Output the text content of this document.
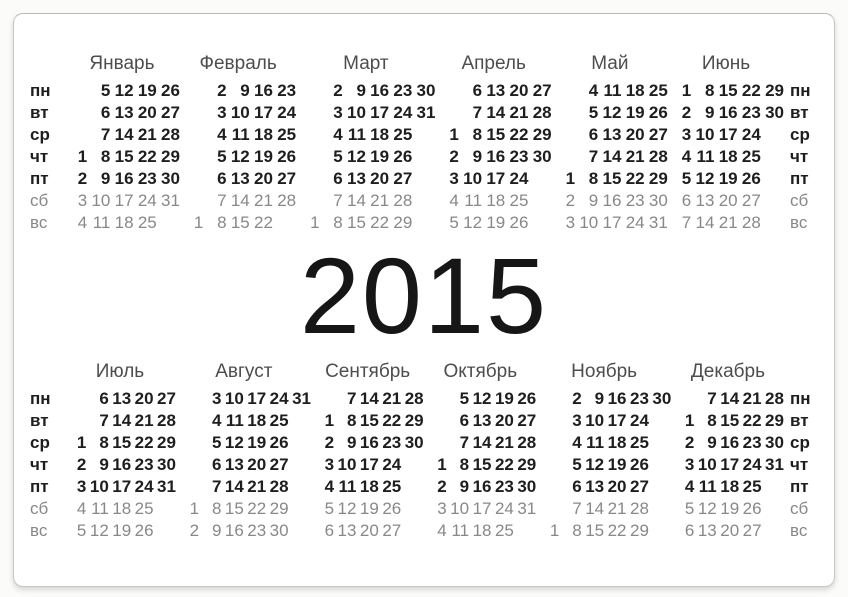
пн
вт
ср
чт
пт
сб
вс
Январь
5 12 19 26
6 13 20 27
7 14 21 28
1 8 15 22 29
2 9 16 23 30
3 10 17 24 31
4 11 18 25
Февраль
2 9 16 23
3 10 17 24
4 11 18 25
5 12 19 26
6 13 20 27
7 14 21 28
1 8 15 22
Март
2 9 16 23 30
3 10 17 24 31
4 11 18 25
5 12 19 26
6 13 20 27
7 14 21 28
1 8 15 22 29
Апрель
6 13 20 27
7 14 21 28
1 8 15 22 29
2 9 16 23 30
3 10 17 24
4 11 18 25
5 12 19 26
Май
4 11 18 25
5 12 19 26
6 13 20 27
7 14 21 28
1 8 15 22 29
2 9 16 23 30
3 10 17 24 31
Июнь
1 8 15 22 29
2 9 16 23 30
3 10 17 24
4 11 18 25
5 12 19 26
6 13 20 27
7 14 21 28
пн
вт
ср
чт
пт
сб
вс
2015
пн
вт
ср
чт
пт
сб
вс
Июль
6 13 20 27
7 14 21 28
1 8 15 22 29
2 9 16 23 30
3 10 17 24 31
4 11 18 25
5 12 19 26
Август
3 10 17 24 31
4 11 18 25
5 12 19 26
6 13 20 27
7 14 21 28
1 8 15 22 29
2 9 16 23 30
Сентябрь
7 14 21 28
1 8 15 22 29
2 9 16 23 30
3 10 17 24
4 11 18 25
5 12 19 26
6 13 20 27
Октябрь
5 12 19 26
6 13 20 27
7 14 21 28
1 8 15 22 29
2 9 16 23 30
3 10 17 24 31
4 11 18 25
Ноябрь
2 9 16 23 30
3 10 17 24
4 11 18 25
5 12 19 26
6 13 20 27
7 14 21 28
1 8 15 22 29
Декабрь
7 14 21 28
1 8 15 22 29
2 9 16 23 30
3 10 17 24 31
4 11 18 25
5 12 19 26
6 13 20 27
пн
вт
ср
чт
пт
сб
вс
